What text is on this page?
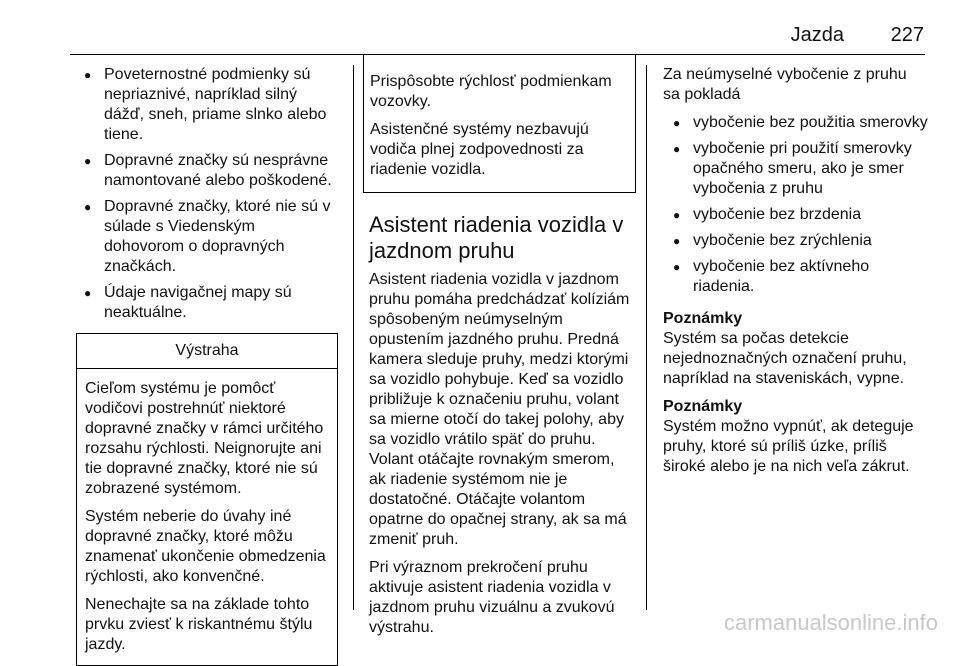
Jazda 227
● Poveternostné podmienky sú nepriaznivé, napríklad silný dážď, sneh, priame slnko alebo tiene.
● Dopravné značky sú nesprávne namontované alebo poškodené.
● Dopravné značky, ktoré nie sú v súlade s Viedenským dohovorom o dopravných značkách.
● Údaje navigačnej mapy sú neaktuálne.
Výstraha

Cieľom systému je pomôcť vodičovi postrehnúť niektoré dopravné značky v rámci určitého rozsahu rýchlosti. Neignorujte ani tie dopravné značky, ktoré nie sú zobrazené systémom.

Systém neberie do úvahy iné dopravné značky, ktoré môžu znamenať ukončenie obmedzenia rýchlosti, ako konvenčné.

Nenechajte sa na základe tohto prvku zviesť k riskantnému štýlu jazdy.

Prispôsobte rýchlosť podmienkam vozovky.

Asistenčné systémy nezbavujú vodiča plnej zodpovednosti za riadenie vozidla.

Asistent riadenia vozidla v jazdnom pruhu

Asistent riadenia vozidla v jazdnom pruhu pomáha predchádzať kolíziám spôsobeným neúmyselným opustením jazdného pruhu. Predná kamera sleduje pruhy, medzi ktorými sa vozidlo pohybuje. Keď sa vozidlo približuje k označeniu pruhu, volant sa mierne otočí do takej polohy, aby sa vozidlo vrátilo späť do pruhu. Volant otáčajte rovnakým smerom, ak riadenie systémom nie je dostatočné. Otáčajte volantom opatrne do opačnej strany, ak sa má zmeniť pruh.

Pri výraznom prekročení pruhu aktivuje asistent riadenia vozidla v jazdnom pruhu vizuálnu a zvukovú výstrahu.

Za neúmyselné vybočenie z pruhu sa pokladá

● vybočenie bez použitia smerovky
● vybočenie pri použití smerovky opačného smeru, ako je smer vybočenia z pruhu
● vybočenie bez brzdenia
● vybočenie bez zrýchlenia
● vybočenie bez aktívneho riadenia.
Poznámky

Systém sa počas detekcie nejednoznačných označení pruhu, napríklad na staveniskách, vypne.

Poznámky

Systém možno vypnúť, ak deteguje pruhy, ktoré sú príliš úzke, príliš široké alebo je na nich veľa zákrut.

carmanualsonline.info
